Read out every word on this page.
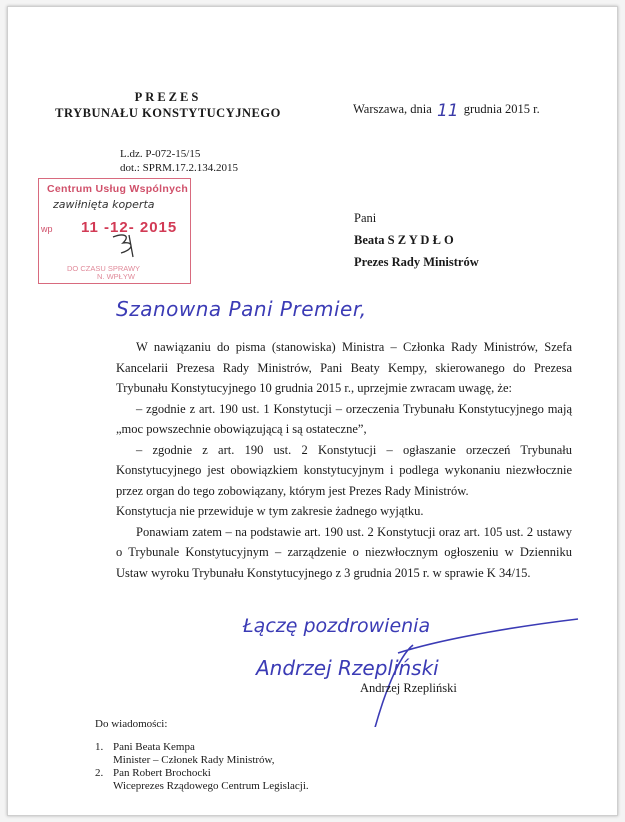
PREZES
TRYBUNAŁU KONSTYTUCYJNEGO	Warszawa, dnia 11 grudnia 2015 r.
L.dz. P-072-15/15
dot.: SPRM.17.2.134.2015
Centrum Usług Wspólnych
zawiłnięta koperta
wp 11 -12- 2015
DO CZASU SPRAWY
N. WPŁYW
Pani
Beata S Z Y D Ł O
Prezes Rady Ministrów
Szanowna Pani Premier,

W nawiązaniu do pisma (stanowiska) Ministra – Członka Rady Ministrów, Szefa Kancelarii Prezesa Rady Ministrów, Pani Beaty Kempy, skierowanego do Prezesa Trybunału Konstytucyjnego 10 grudnia 2015 r., uprzejmie zwracam uwagę, że:

– zgodnie z art. 190 ust. 1 Konstytucji – orzeczenia Trybunału Konstytucyjnego mają „moc powszechnie obowiązującą i są ostateczne”,

– zgodnie z art. 190 ust. 2 Konstytucji – ogłaszanie orzeczeń Trybunału Konstytucyjnego jest obowiązkiem konstytucyjnym i podlega wykonaniu niezwłocznie przez organ do tego zobowiązany, którym jest Prezes Rady Ministrów.

Konstytucja nie przewiduje w tym zakresie żadnego wyjątku.

Ponawiam zatem – na podstawie art. 190 ust. 2 Konstytucji oraz art. 105 ust. 2 ustawy o Trybunale Konstytucyjnym – zarządzenie o niezwłocznym ogłoszeniu w Dzienniku Ustaw wyroku Trybunału Konstytucyjnego z 3 grudnia 2015 r. w sprawie K 34/15.

Łączę pozdrowienia
Andrzej Rzepliński
Andrzej Rzepliński
Do wiadomości:
1. Pani Beata Kempa
Minister – Członek Rady Ministrów,
2. Pan Robert Brochocki
Wiceprezes Rządowego Centrum Legislacji.
